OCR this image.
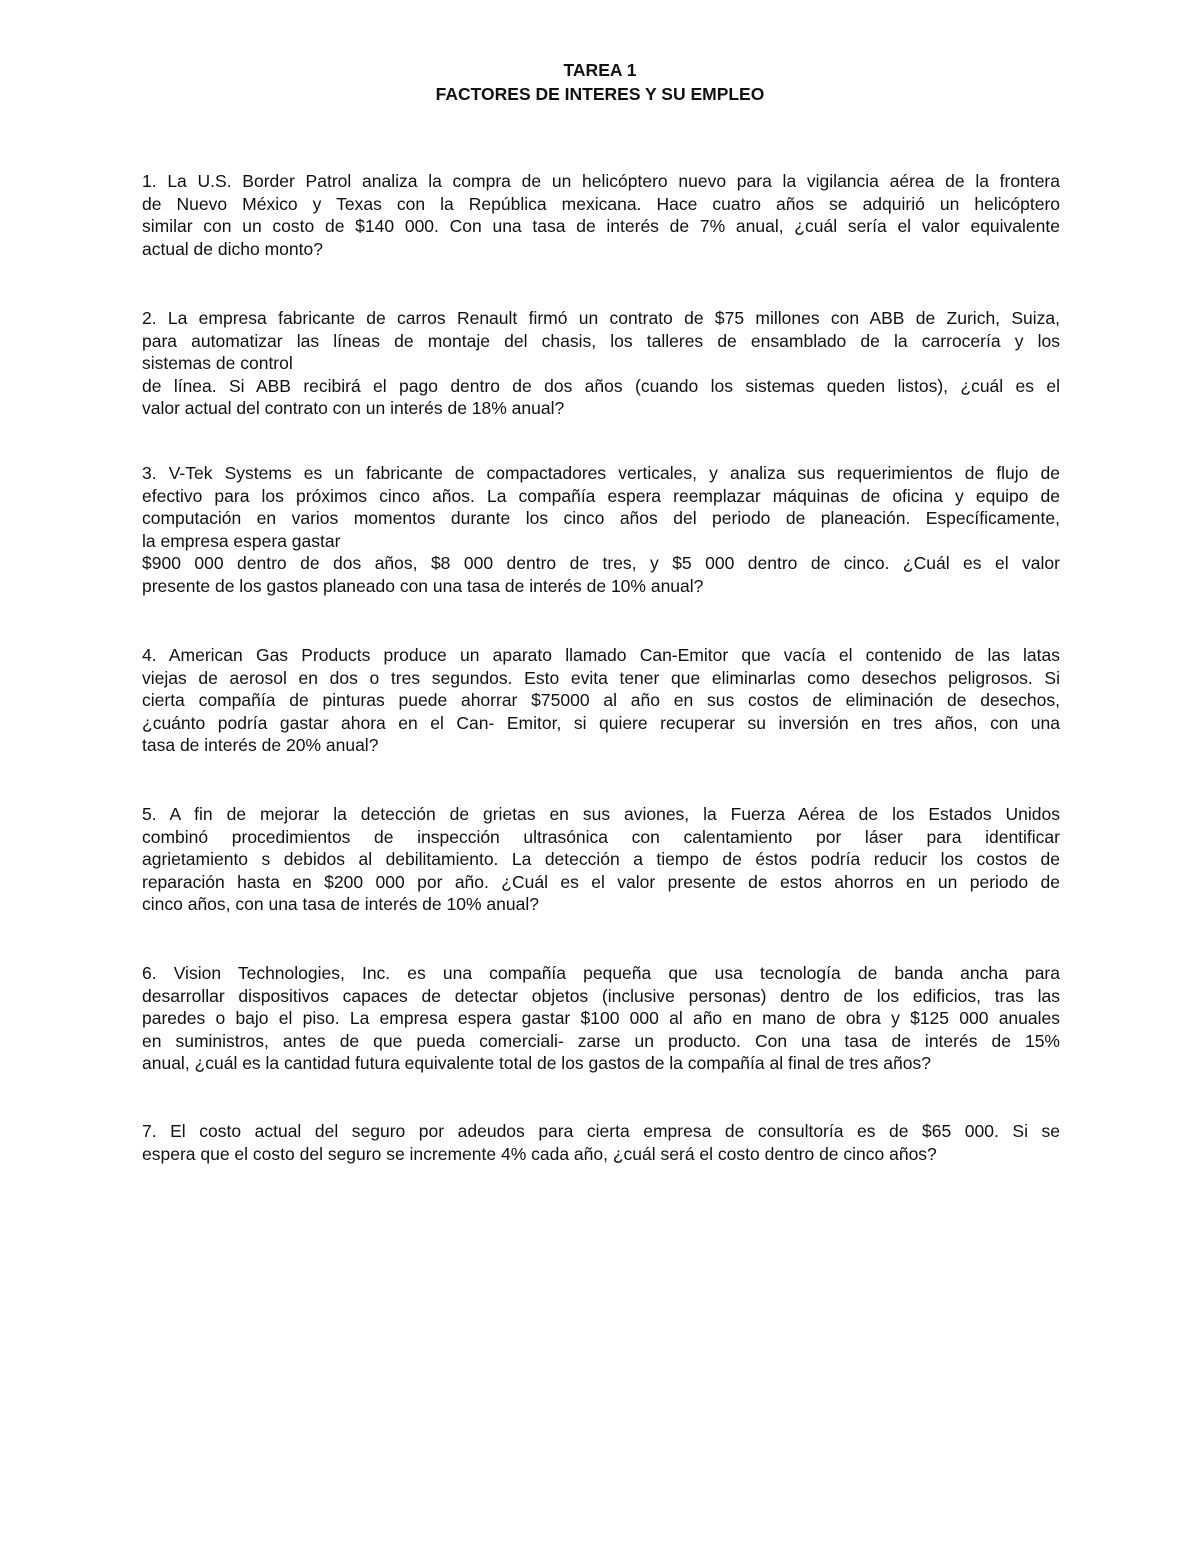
TAREA 1

FACTORES DE INTERES Y SU EMPLEO

1. La U.S. Border Patrol analiza la compra de un helicóptero nuevo para la vigilancia aérea de la frontera
de Nuevo México y Texas con la República mexicana. Hace cuatro años se adquirió un helicóptero
similar con un costo de $140 000. Con una tasa de interés de 7% anual, ¿cuál sería el valor equivalente
actual de dicho monto?
2. La empresa fabricante de carros Renault firmó un contrato de $75 millones con ABB de Zurich, Suiza,
para automatizar las líneas de montaje del chasis, los talleres de ensamblado de la carrocería y los
sistemas de control
de línea. Si ABB recibirá el pago dentro de dos años (cuando los sistemas queden listos), ¿cuál es el
valor actual del contrato con un interés de 18% anual?
3. V-Tek Systems es un fabricante de compactadores verticales, y analiza sus requerimientos de flujo de
efectivo para los próximos cinco años. La compañía espera reemplazar máquinas de oficina y equipo de
computación en varios momentos durante los cinco años del periodo de planeación. Específicamente,
la empresa espera gastar
$900 000 dentro de dos años, $8 000 dentro de tres, y $5 000 dentro de cinco. ¿Cuál es el valor
presente de los gastos planeado con una tasa de interés de 10% anual?
4. American Gas Products produce un aparato llamado Can-Emitor que vacía el contenido de las latas
viejas de aerosol en dos o tres segundos. Esto evita tener que eliminarlas como desechos peligrosos. Si
cierta compañía de pinturas puede ahorrar $75000 al año en sus costos de eliminación de desechos,
¿cuánto podría gastar ahora en el Can- Emitor, si quiere recuperar su inversión en tres años, con una
tasa de interés de 20% anual?
5. A fin de mejorar la detección de grietas en sus aviones, la Fuerza Aérea de los Estados Unidos
combinó procedimientos de inspección ultrasónica con calentamiento por láser para identificar
agrietamiento s debidos al debilitamiento. La detección a tiempo de éstos podría reducir los costos de
reparación hasta en $200 000 por año. ¿Cuál es el valor presente de estos ahorros en un periodo de
cinco años, con una tasa de interés de 10% anual?
6. Vision Technologies, Inc. es una compañía pequeña que usa tecnología de banda ancha para
desarrollar dispositivos capaces de detectar objetos (inclusive personas) dentro de los edificios, tras las
paredes o bajo el piso. La empresa espera gastar $100 000 al año en mano de obra y $125 000 anuales
en suministros, antes de que pueda comerciali- zarse un producto. Con una tasa de interés de 15%
anual, ¿cuál es la cantidad futura equivalente total de los gastos de la compañía al final de tres años?
7. El costo actual del seguro por adeudos para cierta empresa de consultoría es de $65 000. Si se
espera que el costo del seguro se incremente 4% cada año, ¿cuál será el costo dentro de cinco años?
